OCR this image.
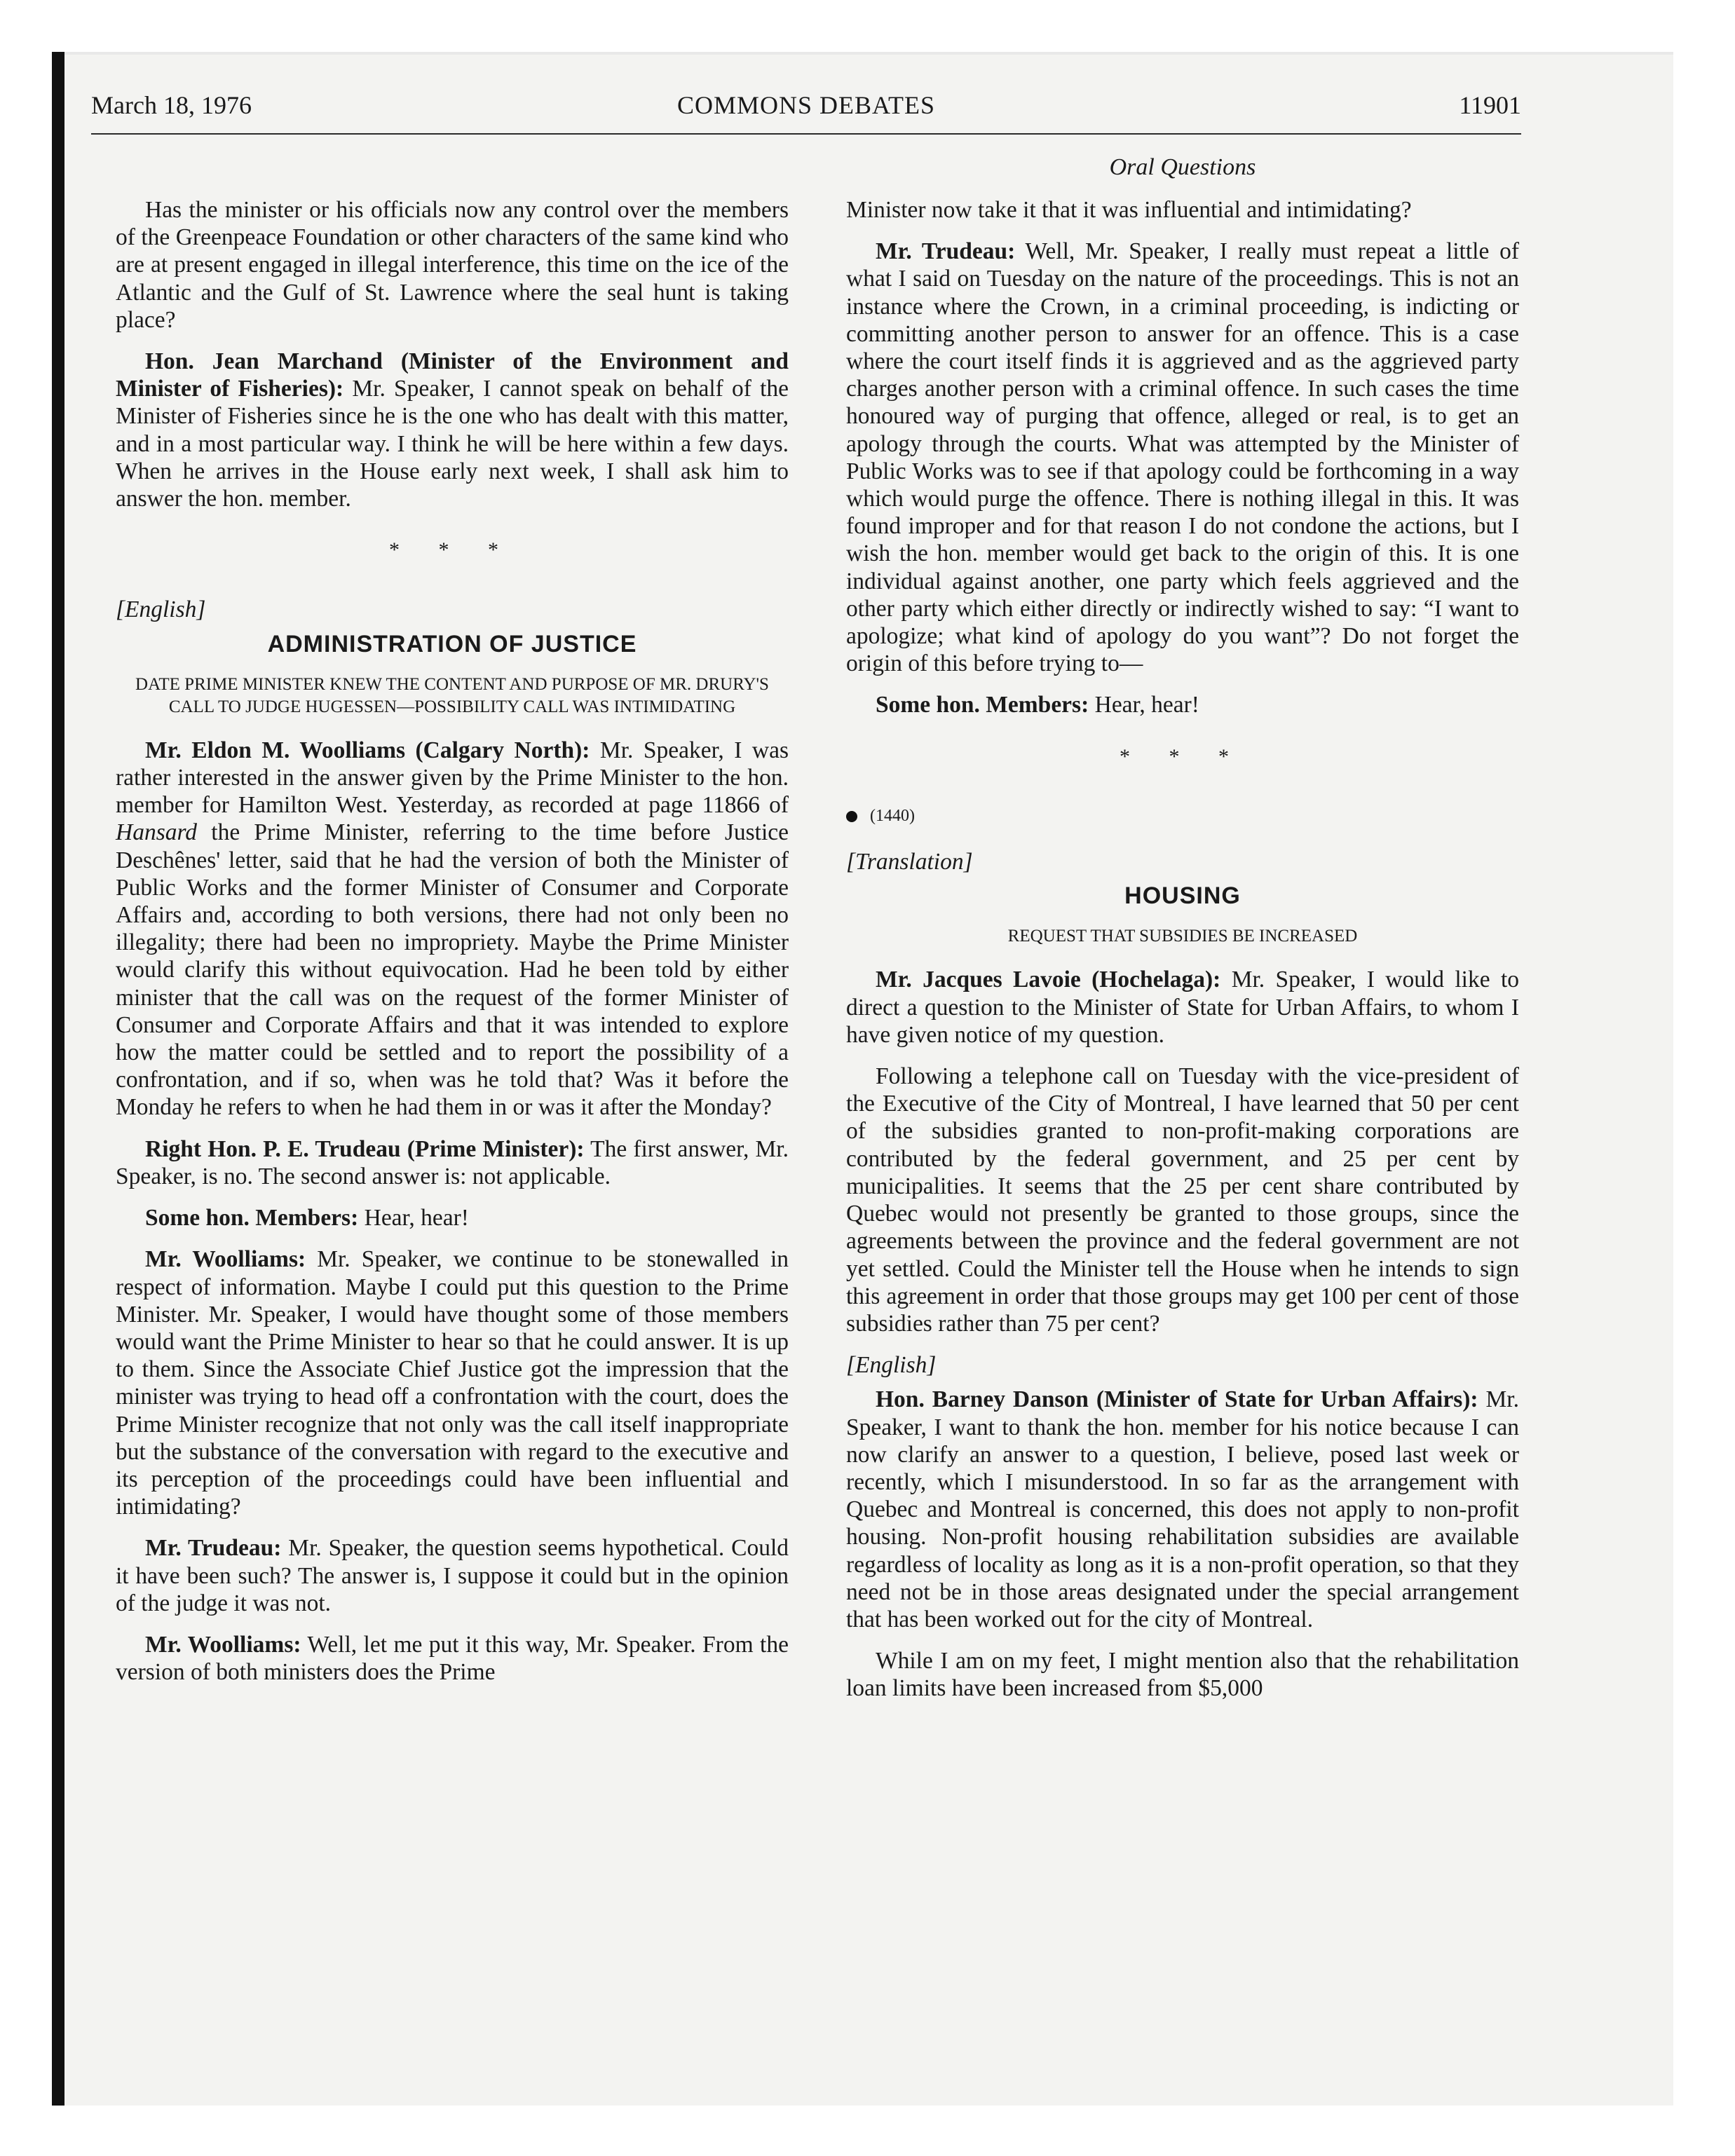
March 18, 1976	COMMONS DEBATES	11901
Oral Questions

Has the minister or his officials now any control over the members of the Greenpeace Foundation or other characters of the same kind who are at present engaged in illegal interference, this time on the ice of the Atlantic and the Gulf of St. Lawrence where the seal hunt is taking place?

Hon. Jean Marchand (Minister of the Environment and Minister of Fisheries): Mr. Speaker, I cannot speak on behalf of the Minister of Fisheries since he is the one who has dealt with this matter, and in a most particular way. I think he will be here within a few days. When he arrives in the House early next week, I shall ask him to answer the hon. member.

* * *
[English]
ADMINISTRATION OF JUSTICE
DATE PRIME MINISTER KNEW THE CONTENT AND PURPOSE OF MR. DRURY'S CALL TO JUDGE HUGESSEN—POSSIBILITY CALL WAS INTIMIDATING

Mr. Eldon M. Woolliams (Calgary North): Mr. Speaker, I was rather interested in the answer given by the Prime Minister to the hon. member for Hamilton West. Yesterday, as recorded at page 11866 of Hansard the Prime Minister, referring to the time before Justice Deschênes' letter, said that he had the version of both the Minister of Public Works and the former Minister of Consumer and Corporate Affairs and, according to both versions, there had not only been no illegality; there had been no impropriety. Maybe the Prime Minister would clarify this without equivocation. Had he been told by either minister that the call was on the request of the former Minister of Consumer and Corporate Affairs and that it was intended to explore how the matter could be settled and to report the possibility of a confrontation, and if so, when was he told that? Was it before the Monday he refers to when he had them in or was it after the Monday?

Right Hon. P. E. Trudeau (Prime Minister): The first answer, Mr. Speaker, is no. The second answer is: not applicable.

Some hon. Members: Hear, hear!

Mr. Woolliams: Mr. Speaker, we continue to be stonewalled in respect of information. Maybe I could put this question to the Prime Minister. Mr. Speaker, I would have thought some of those members would want the Prime Minister to hear so that he could answer. It is up to them. Since the Associate Chief Justice got the impression that the minister was trying to head off a confrontation with the court, does the Prime Minister recognize that not only was the call itself inappropriate but the substance of the conversation with regard to the executive and its perception of the proceedings could have been influential and intimidating?

Mr. Trudeau: Mr. Speaker, the question seems hypothetical. Could it have been such? The answer is, I suppose it could but in the opinion of the judge it was not.

Mr. Woolliams: Well, let me put it this way, Mr. Speaker. From the version of both ministers does the Prime

Minister now take it that it was influential and intimidating?

Mr. Trudeau: Well, Mr. Speaker, I really must repeat a little of what I said on Tuesday on the nature of the proceedings. This is not an instance where the Crown, in a criminal proceeding, is indicting or committing another person to answer for an offence. This is a case where the court itself finds it is aggrieved and as the aggrieved party charges another person with a criminal offence. In such cases the time honoured way of purging that offence, alleged or real, is to get an apology through the courts. What was attempted by the Minister of Public Works was to see if that apology could be forthcoming in a way which would purge the offence. There is nothing illegal in this. It was found improper and for that reason I do not condone the actions, but I wish the hon. member would get back to the origin of this. It is one individual against another, one party which feels aggrieved and the other party which either directly or indirectly wished to say: “I want to apologize; what kind of apology do you want”? Do not forget the origin of this before trying to—

Some hon. Members: Hear, hear!

* * *
(1440)
[Translation]
HOUSING
REQUEST THAT SUBSIDIES BE INCREASED

Mr. Jacques Lavoie (Hochelaga): Mr. Speaker, I would like to direct a question to the Minister of State for Urban Affairs, to whom I have given notice of my question.

Following a telephone call on Tuesday with the vice-president of the Executive of the City of Montreal, I have learned that 50 per cent of the subsidies granted to non-profit-making corporations are contributed by the federal government, and 25 per cent by municipalities. It seems that the 25 per cent share contributed by Quebec would not presently be granted to those groups, since the agreements between the province and the federal government are not yet settled. Could the Minister tell the House when he intends to sign this agreement in order that those groups may get 100 per cent of those subsidies rather than 75 per cent?

[English]

Hon. Barney Danson (Minister of State for Urban Affairs): Mr. Speaker, I want to thank the hon. member for his notice because I can now clarify an answer to a question, I believe, posed last week or recently, which I misunderstood. In so far as the arrangement with Quebec and Montreal is concerned, this does not apply to non-profit housing. Non-profit housing rehabilitation subsidies are available regardless of locality as long as it is a non-profit operation, so that they need not be in those areas designated under the special arrangement that has been worked out for the city of Montreal.

While I am on my feet, I might mention also that the rehabilitation loan limits have been increased from $5,000
